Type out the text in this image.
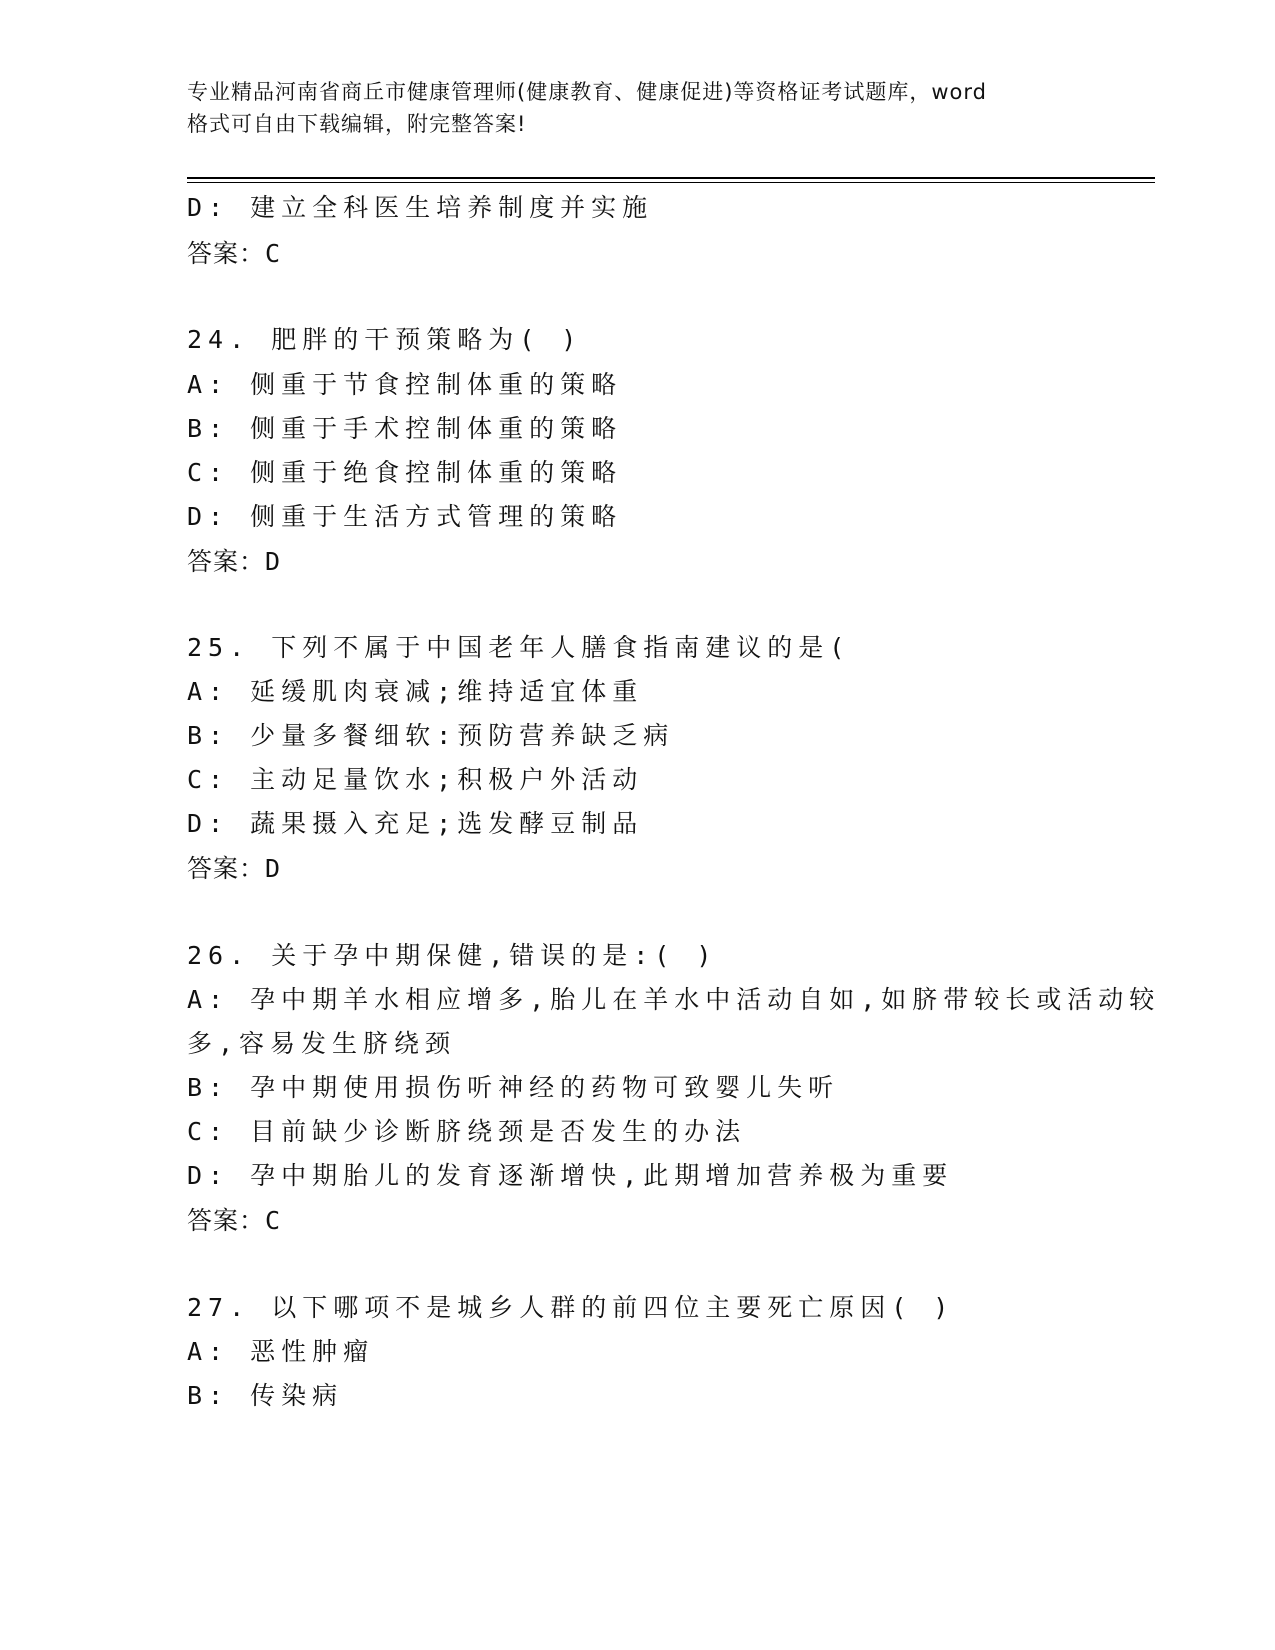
专业精品河南省商丘市健康管理师(健康教育、健康促进)等资格证考试题库，word
格式可自由下载编辑，附完整答案!
D: 建立全科医生培养制度并实施
答案：C
24. 肥胖的干预策略为( )
A: 侧重于节食控制体重的策略
B: 侧重于手术控制体重的策略
C: 侧重于绝食控制体重的策略
D: 侧重于生活方式管理的策略
答案：D
25. 下列不属于中国老年人膳食指南建议的是(
A: 延缓肌肉衰减;维持适宜体重
B: 少量多餐细软:预防营养缺乏病
C: 主动足量饮水;积极户外活动
D: 蔬果摄入充足;选发酵豆制品
答案：D
26. 关于孕中期保健,错误的是:( )
A: 孕中期羊水相应增多,胎儿在羊水中活动自如,如脐带较长或活动较
多,容易发生脐绕颈
B: 孕中期使用损伤听神经的药物可致婴儿失听
C: 目前缺少诊断脐绕颈是否发生的办法
D: 孕中期胎儿的发育逐渐增快,此期增加营养极为重要
答案：C
27. 以下哪项不是城乡人群的前四位主要死亡原因( )
A: 恶性肿瘤
B: 传染病
